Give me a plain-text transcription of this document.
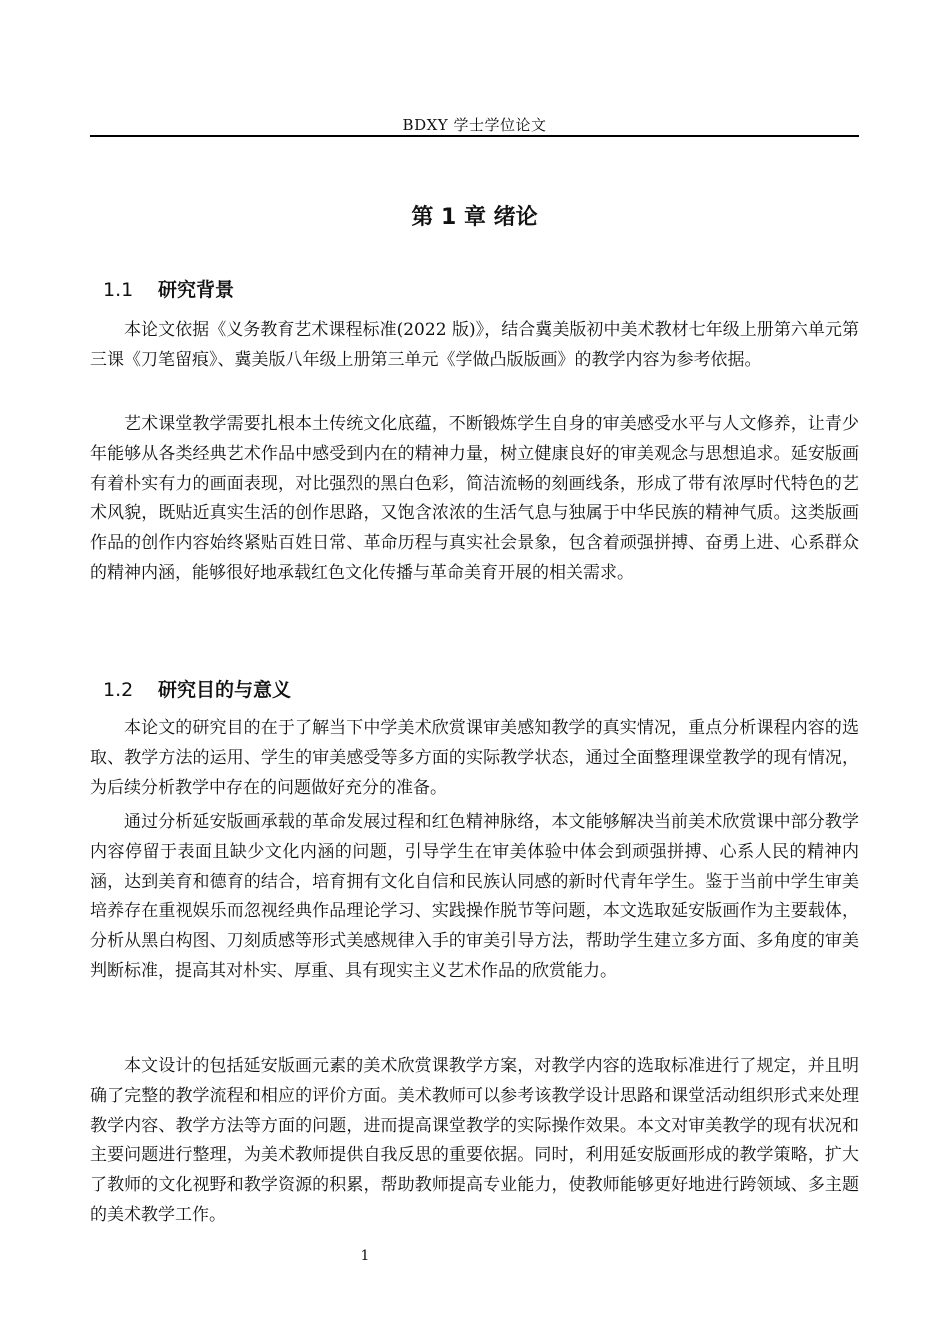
BDXY 学士学位论文
第 1 章 绪论
1.1 研究背景

本论文依据《义务教育艺术课程标准(2022 版)》，结合冀美版初中美术教材七年级上册第六单元第三课《刀笔留痕》、冀美版八年级上册第三单元《学做凸版版画》的教学内容为参考依据。

艺术课堂教学需要扎根本土传统文化底蕴，不断锻炼学生自身的审美感受水平与人文修养，让青少年能够从各类经典艺术作品中感受到内在的精神力量，树立健康良好的审美观念与思想追求。延安版画有着朴实有力的画面表现，对比强烈的黑白色彩，简洁流畅的刻画线条，形成了带有浓厚时代特色的艺术风貌，既贴近真实生活的创作思路，又饱含浓浓的生活气息与独属于中华民族的精神气质。这类版画作品的创作内容始终紧贴百姓日常、革命历程与真实社会景象，包含着顽强拼搏、奋勇上进、心系群众的精神内涵，能够很好地承载红色文化传播与革命美育开展的相关需求。

1.2 研究目的与意义

本论文的研究目的在于了解当下中学美术欣赏课审美感知教学的真实情况，重点分析课程内容的选取、教学方法的运用、学生的审美感受等多方面的实际教学状态，通过全面整理课堂教学的现有情况，为后续分析教学中存在的问题做好充分的准备。

通过分析延安版画承载的革命发展过程和红色精神脉络，本文能够解决当前美术欣赏课中部分教学内容停留于表面且缺少文化内涵的问题，引导学生在审美体验中体会到顽强拼搏、心系人民的精神内涵，达到美育和德育的结合，培育拥有文化自信和民族认同感的新时代青年学生。鉴于当前中学生审美培养存在重视娱乐而忽视经典作品理论学习、实践操作脱节等问题，本文选取延安版画作为主要载体，分析从黑白构图、刀刻质感等形式美感规律入手的审美引导方法，帮助学生建立多方面、多角度的审美判断标准，提高其对朴实、厚重、具有现实主义艺术作品的欣赏能力。

本文设计的包括延安版画元素的美术欣赏课教学方案，对教学内容的选取标准进行了规定，并且明确了完整的教学流程和相应的评价方面。美术教师可以参考该教学设计思路和课堂活动组织形式来处理教学内容、教学方法等方面的问题，进而提高课堂教学的实际操作效果。本文对审美教学的现有状况和主要问题进行整理，为美术教师提供自我反思的重要依据。同时，利用延安版画形成的教学策略，扩大了教师的文化视野和教学资源的积累，帮助教师提高专业能力，使教师能够更好地进行跨领域、多主题的美术教学工作。

1
